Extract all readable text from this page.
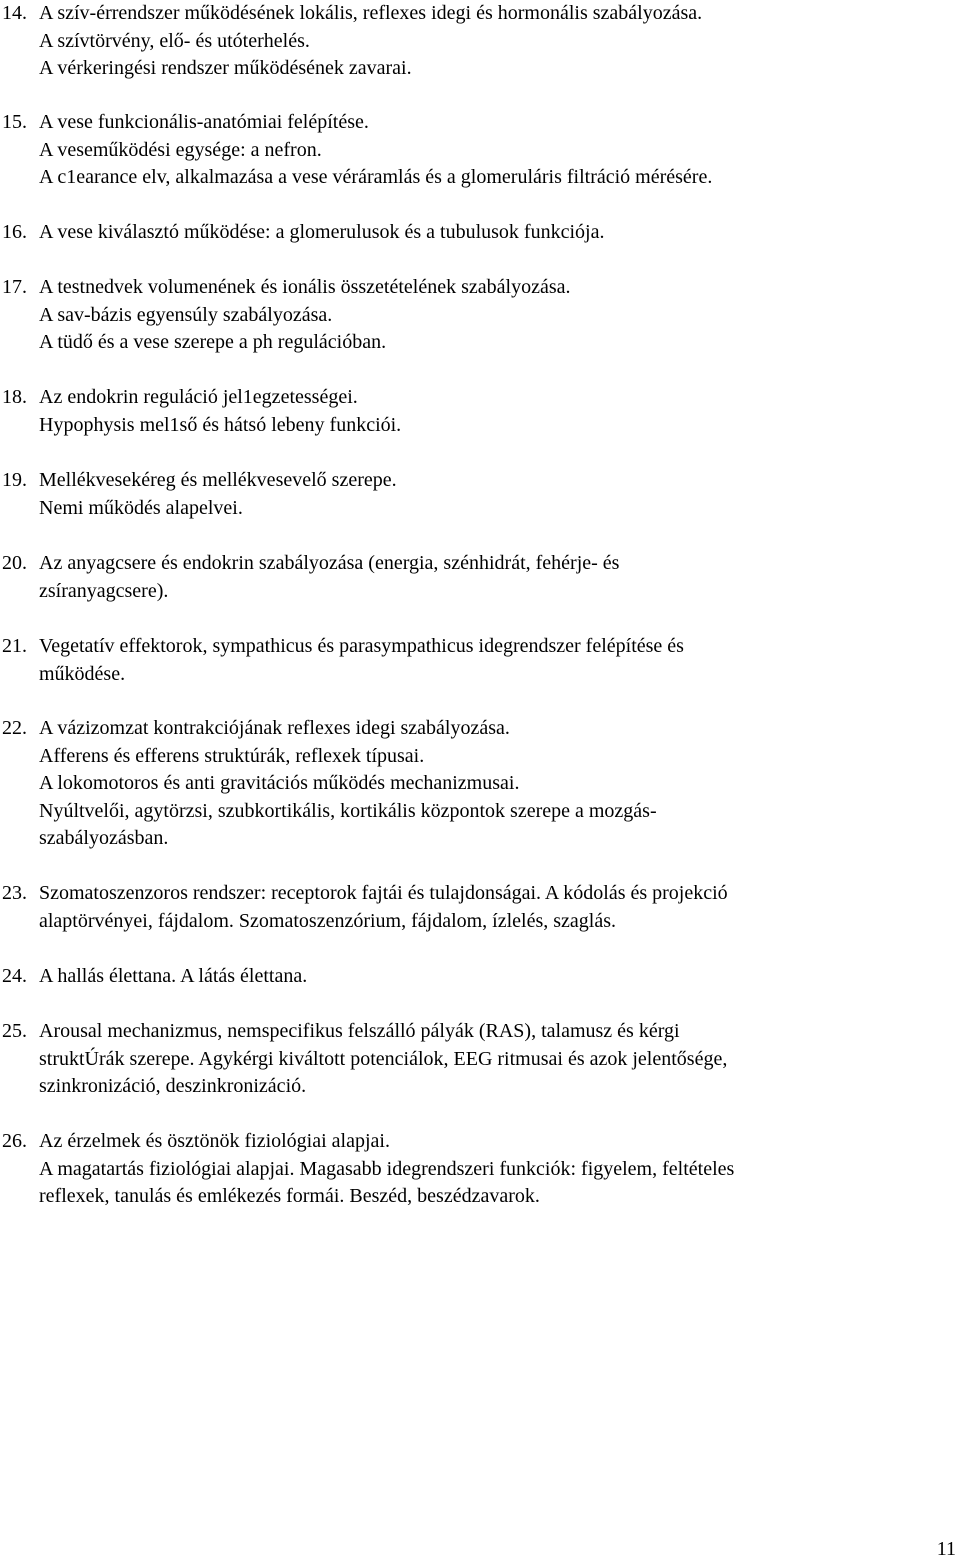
14. A szív-érrendszer működésének lokális, reflexes idegi és hormonális szabályozása.
A szívtörvény, elő- és utóterhelés.
A vérkeringési rendszer működésének zavarai.
15. A vese funkcionális-anatómiai felépítése.
A veseműködési egysége: a nefron.
A c1earance elv, alkalmazása a vese véráramlás és a glomeruláris filtráció mérésére.
16. A vese kiválasztó működése: a glomerulusok és a tubulusok funkciója.
17. A testnedvek volumenének és ionális összetételének szabályozása.
A sav-bázis egyensúly szabályozása.
A tüdő és a vese szerepe a ph regulációban.
18. Az endokrin reguláció jel1egzetességei.
Hypophysis mel1ső és hátsó lebeny funkciói.
19. Mellékvesekéreg és mellékvesevelő szerepe.
Nemi működés alapelvei.
20. Az anyagcsere és endokrin szabályozása (energia, szénhidrát, fehérje- és
zsíranyagcsere).
21. Vegetatív effektorok, sympathicus és parasympathicus idegrendszer felépítése és
működése.
22. A vázizomzat kontrakciójának reflexes idegi szabályozása.
Afferens és efferens struktúrák, reflexek típusai.
A lokomotoros és anti gravitációs működés mechanizmusai.
Nyúltvelői, agytörzsi, szubkortikális, kortikális központok szerepe a mozgás-
szabályozásban.
23. Szomatoszenzoros rendszer: receptorok fajtái és tulajdonságai. A kódolás és projekció
alaptörvényei, fájdalom. Szomatoszenzórium, fájdalom, ízlelés, szaglás.
24. A hallás élettana. A látás élettana.
25. Arousal mechanizmus, nemspecifikus felszálló pályák (RAS), talamusz és kérgi
struktÚrák szerepe. Agykérgi kiváltott potenciálok, EEG ritmusai és azok jelentősége,
szinkronizáció, deszinkronizáció.
26. Az érzelmek és ösztönök fiziológiai alapjai.
A magatartás fiziológiai alapjai. Magasabb idegrendszeri funkciók: figyelem, feltételes
reflexek, tanulás és emlékezés formái. Beszéd, beszédzavarok.
11
